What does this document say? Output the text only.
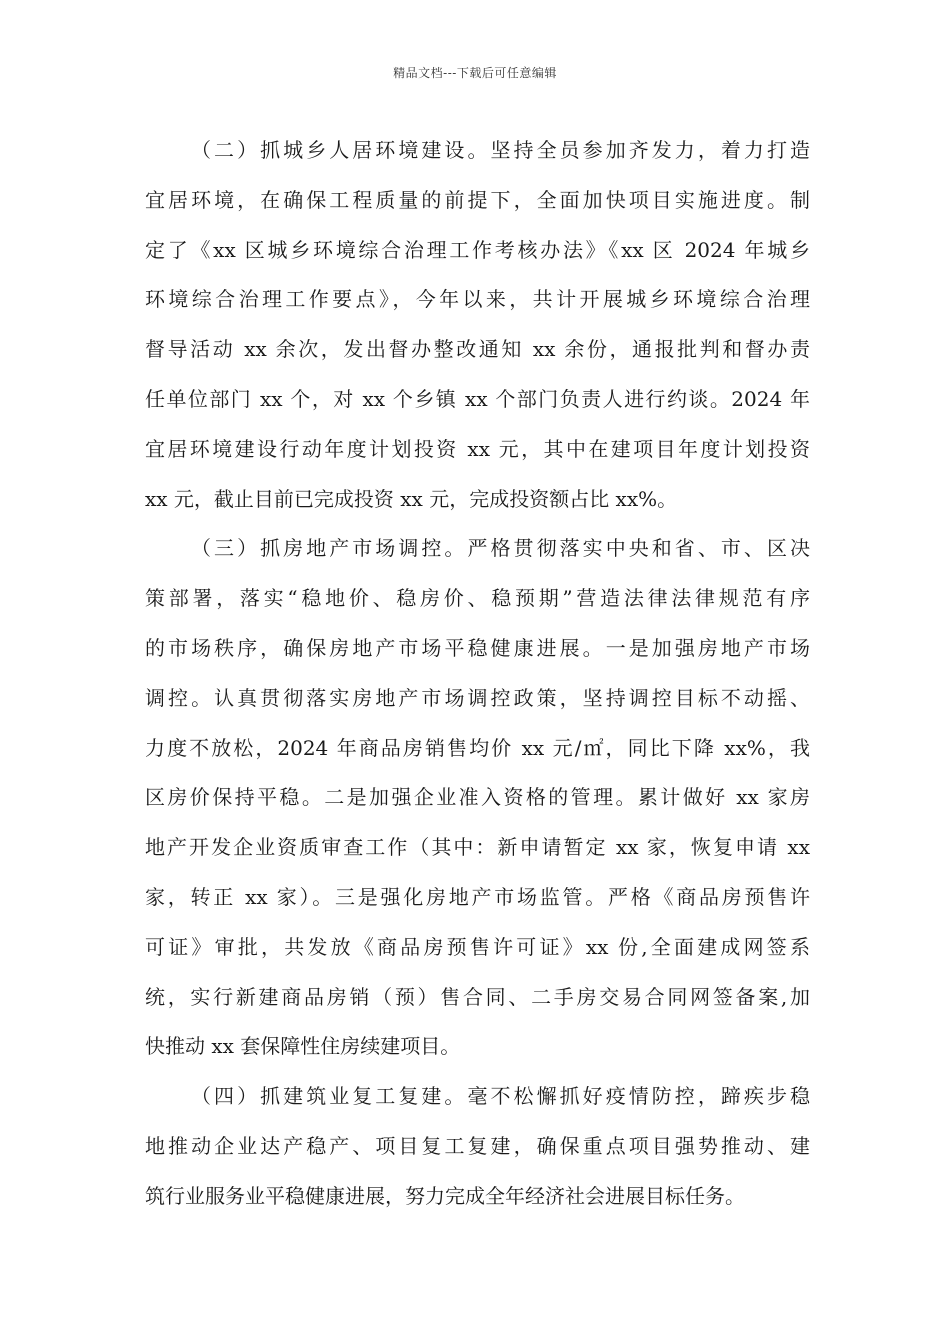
精品文档---下载后可任意编辑
（二）抓城乡人居环境建设。坚持全员参加齐发力，着力打造
宜居环境，在确保工程质量的前提下，全面加快项目实施进度。制
定了《xx 区城乡环境综合治理工作考核办法》《xx 区 2024 年城乡
环境综合治理工作要点》，今年以来，共计开展城乡环境综合治理
督导活动 xx 余次，发出督办整改通知 xx 余份，通报批判和督办责
任单位部门 xx 个，对 xx 个乡镇 xx 个部门负责人进行约谈。2024 年
宜居环境建设行动年度计划投资 xx 元，其中在建项目年度计划投资
xx 元，截止目前已完成投资 xx 元，完成投资额占比 xx%。
（三）抓房地产市场调控。严格贯彻落实中央和省、市、区决
策部署，落实“稳地价、稳房价、稳预期”营造法律法律规范有序
的市场秩序，确保房地产市场平稳健康进展。一是加强房地产市场
调控。认真贯彻落实房地产市场调控政策，坚持调控目标不动摇、
力度不放松，2024 年商品房销售均价 xx 元/㎡，同比下降 xx%，我
区房价保持平稳。二是加强企业准入资格的管理。累计做好 xx 家房
地产开发企业资质审查工作（其中：新申请暂定 xx 家，恢复申请 xx
家，转正 xx 家）。三是强化房地产市场监管。严格《商品房预售许
可证》审批，共发放《商品房预售许可证》xx 份,全面建成网签系
统，实行新建商品房销（预）售合同、二手房交易合同网签备案,加
快推动 xx 套保障性住房续建项目。
（四）抓建筑业复工复建。毫不松懈抓好疫情防控，蹄疾步稳
地推动企业达产稳产、项目复工复建，确保重点项目强势推动、建
筑行业服务业平稳健康进展，努力完成全年经济社会进展目标任务。
